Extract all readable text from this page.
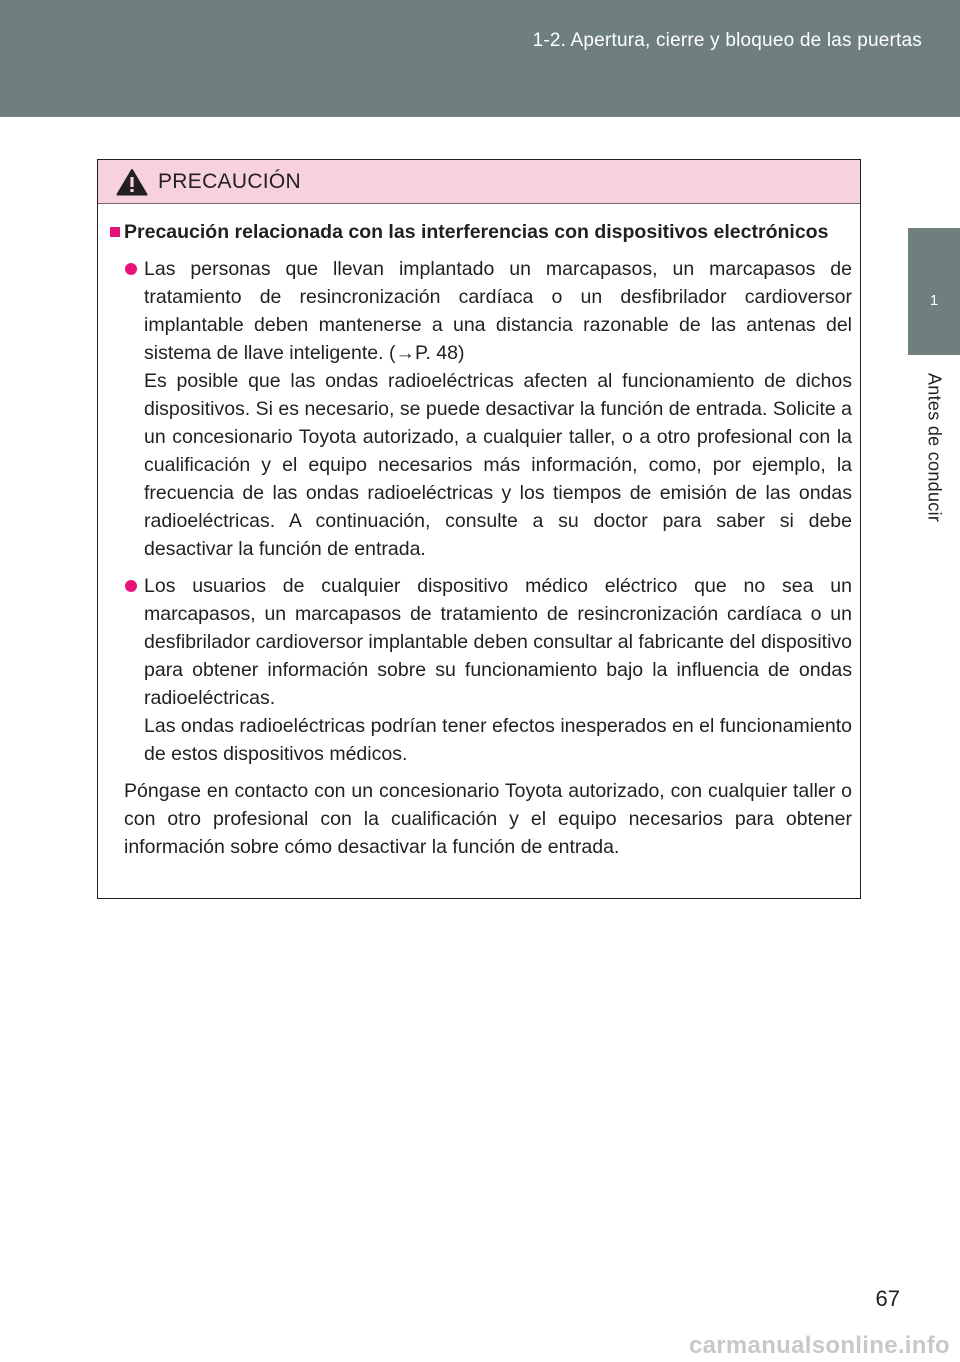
1-2. Apertura, cierre y bloqueo de las puertas
1
Antes de conducir
PRECAUCIÓN
Precaución relacionada con las interferencias con dispositivos electrónicos

Las personas que llevan implantado un marcapasos, un marcapasos de tratamiento de resincronización cardíaca o un desfibrilador cardioversor implantable deben mantenerse a una distancia razonable de las antenas del sistema de llave inteligente. (→P. 48)

Es posible que las ondas radioeléctricas afecten al funcionamiento de dichos dispositivos. Si es necesario, se puede desactivar la función de entrada. Solicite a un concesionario Toyota autorizado, a cualquier taller, o a otro profesional con la cualificación y el equipo necesarios más información, como, por ejemplo, la frecuencia de las ondas radioeléctricas y los tiempos de emisión de las ondas radioeléctricas. A continuación, consulte a su doctor para saber si debe desactivar la función de entrada.

Los usuarios de cualquier dispositivo médico eléctrico que no sea un marcapasos, un marcapasos de tratamiento de resincronización cardíaca o un desfibrilador cardioversor implantable deben consultar al fabricante del dispositivo para obtener información sobre su funcionamiento bajo la influencia de ondas radioeléctricas.

Las ondas radioeléctricas podrían tener efectos inesperados en el funcionamiento de estos dispositivos médicos.

Póngase en contacto con un concesionario Toyota autorizado, con cualquier taller o con otro profesional con la cualificación y el equipo necesarios para obtener información sobre cómo desactivar la función de entrada.

67
carmanualsonline.info
